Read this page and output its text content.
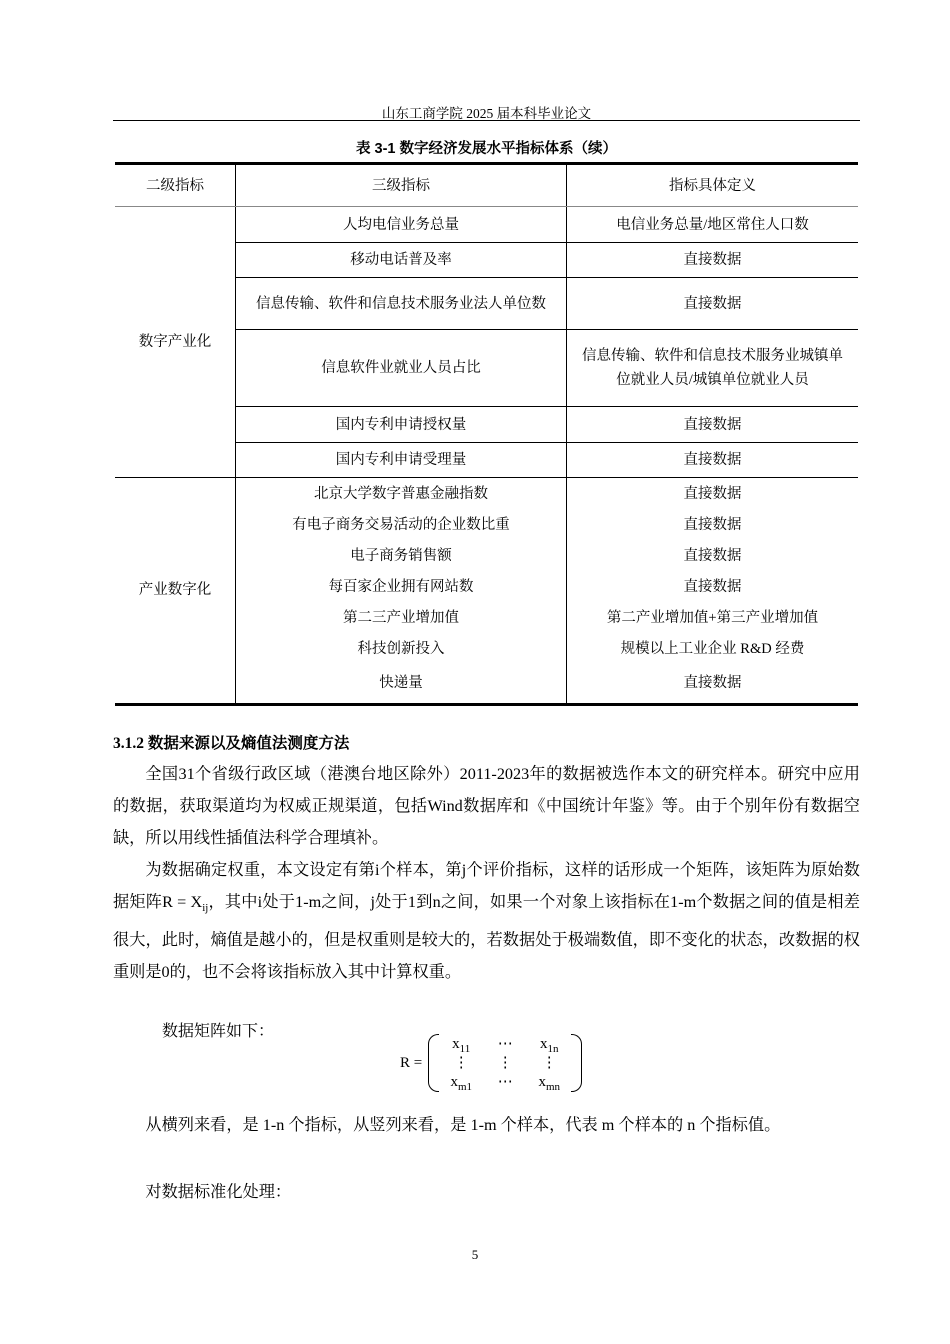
山东工商学院 2025 届本科毕业论文
表 3-1 数字经济发展水平指标体系（续）
二级指标	三级指标	指标具体定义
数字产业化	人均电信业务总量	电信业务总量/地区常住人口数
	移动电话普及率	直接数据
	信息传输、软件和信息技术服务业法人单位数	直接数据
	信息软件业就业人员占比	信息传输、软件和信息技术服务业城镇单位就业人员/城镇单位就业人员
	国内专利申请授权量	直接数据
	国内专利申请受理量	直接数据
产业数字化	北京大学数字普惠金融指数	直接数据
	有电子商务交易活动的企业数比重	直接数据
	电子商务销售额	直接数据
	每百家企业拥有网站数	直接数据
	第二三产业增加值	第二产业增加值+第三产业增加值
	科技创新投入	规模以上工业企业 R&D 经费
	快递量	直接数据
3.1.2 数据来源以及熵值法测度方法
全国31个省级行政区域（港澳台地区除外）2011-2023年的数据被选作本文的研究样本。研究中应用的数据，获取渠道均为权威正规渠道，包括Wind数据库和《中国统计年鉴》等。由于个别年份有数据空缺，所以用线性插值法科学合理填补。
为数据确定权重，本文设定有第i个样本，第j个评价指标，这样的话形成一个矩阵，该矩阵为原始数据矩阵$R = X_{ij}$，其中i处于1-m之间，j处于1到n之间，如果一个对象上该指标在1-m个数据之间的值是相差很大，此时，熵值是越小的，但是权重则是较大的，若数据处于极端数值，即不变化的状态，改数据的权重则是0的，也不会将该指标放入其中计算权重。
数据矩阵如下：
R =
$x_{11}$	⋯	$x_{1n}$
⋮	⋮	⋮
$x_{m1}$	⋯	$x_{mn}$
从横列来看，是 1-n 个指标，从竖列来看，是 1-m 个样本，代表 m 个样本的 n 个指标值。
对数据标准化处理：
5
